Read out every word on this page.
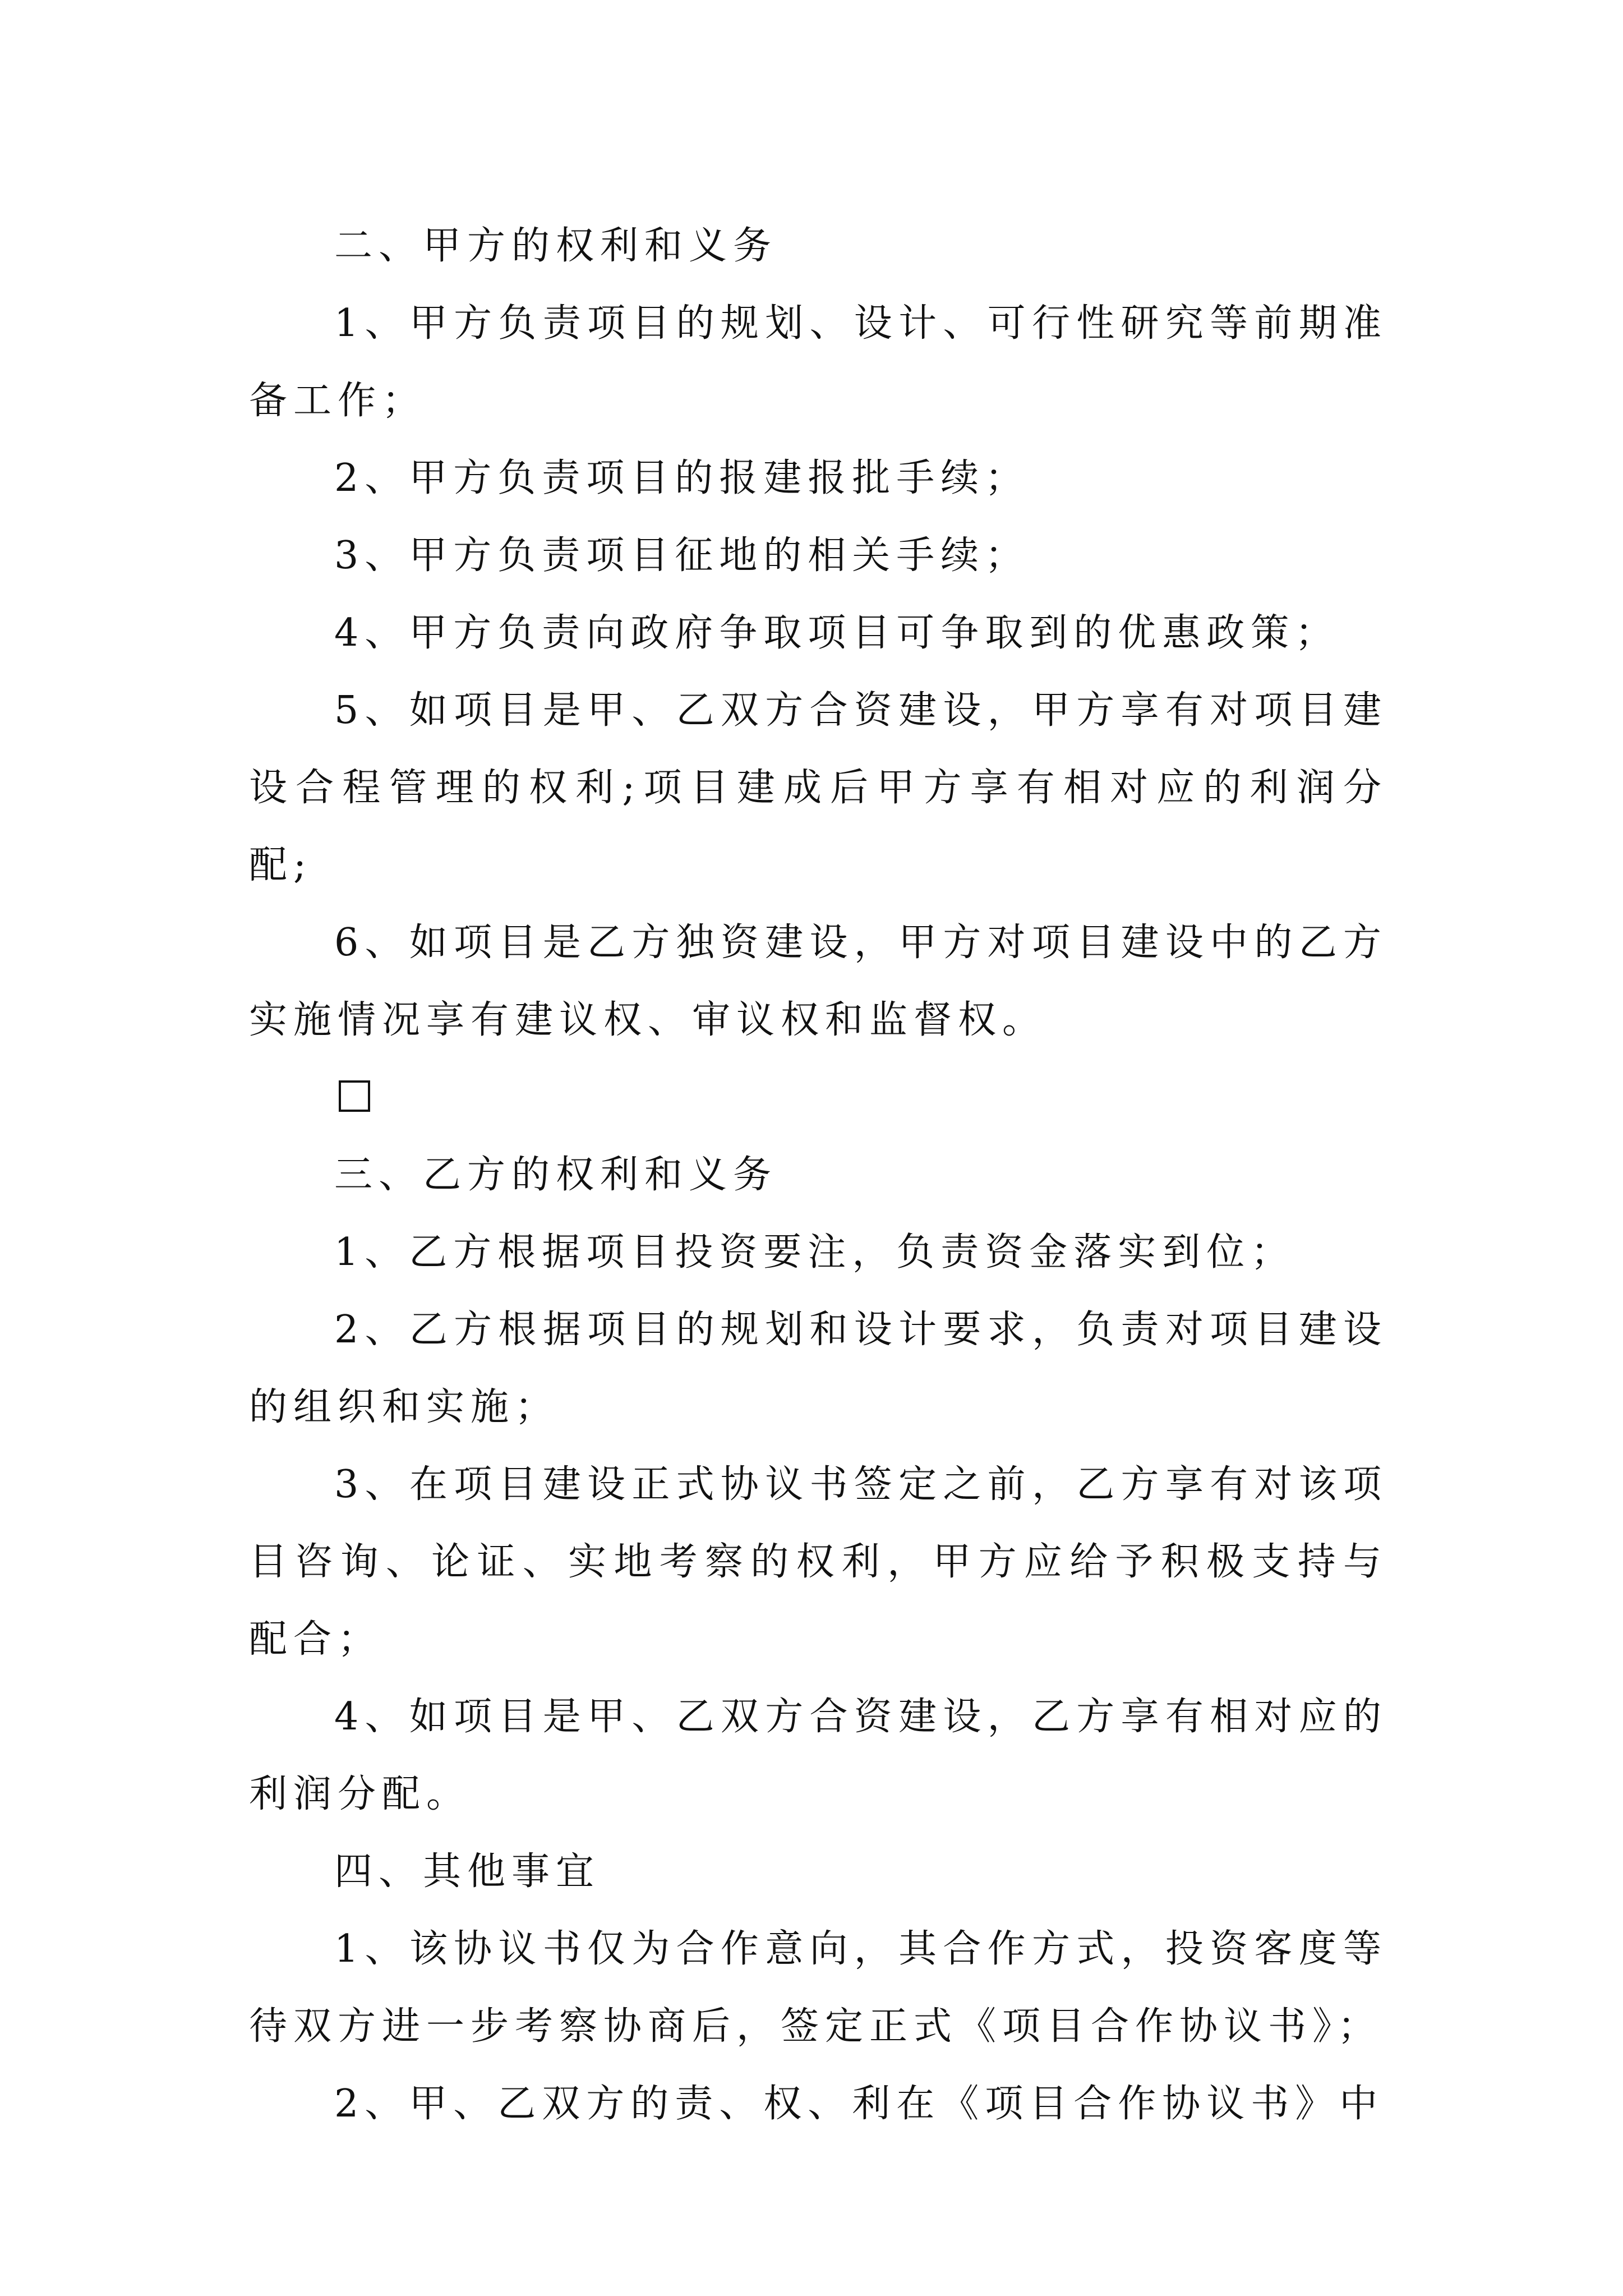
二、甲方的权利和义务

1、甲方负责项目的规划、设计、可行性研究等前期准备工作；

2、甲方负责项目的报建报批手续；

3、甲方负责项目征地的相关手续；

4、甲方负责向政府争取项目可争取到的优惠政策；

5、如项目是甲、乙双方合资建设，甲方享有对项目建设合程管理的权利;项目建成后甲方享有相对应的利润分配;

6、如项目是乙方独资建设，甲方对项目建设中的乙方实施情况享有建议权、审议权和监督权。

三、乙方的权利和义务

1、乙方根据项目投资要注，负责资金落实到位；

2、乙方根据项目的规划和设计要求，负责对项目建设的组织和实施；

3、在项目建设正式协议书签定之前，乙方享有对该项目咨询、论证、实地考察的权利，甲方应给予积极支持与配合；

4、如项目是甲、乙双方合资建设，乙方享有相对应的利润分配。

四、其他事宜

1、该协议书仅为合作意向，其合作方式，投资客度等待双方进一步考察协商后，签定正式《项目合作协议书》；

2、甲、乙双方的责、权、利在《项目合作协议书》中
